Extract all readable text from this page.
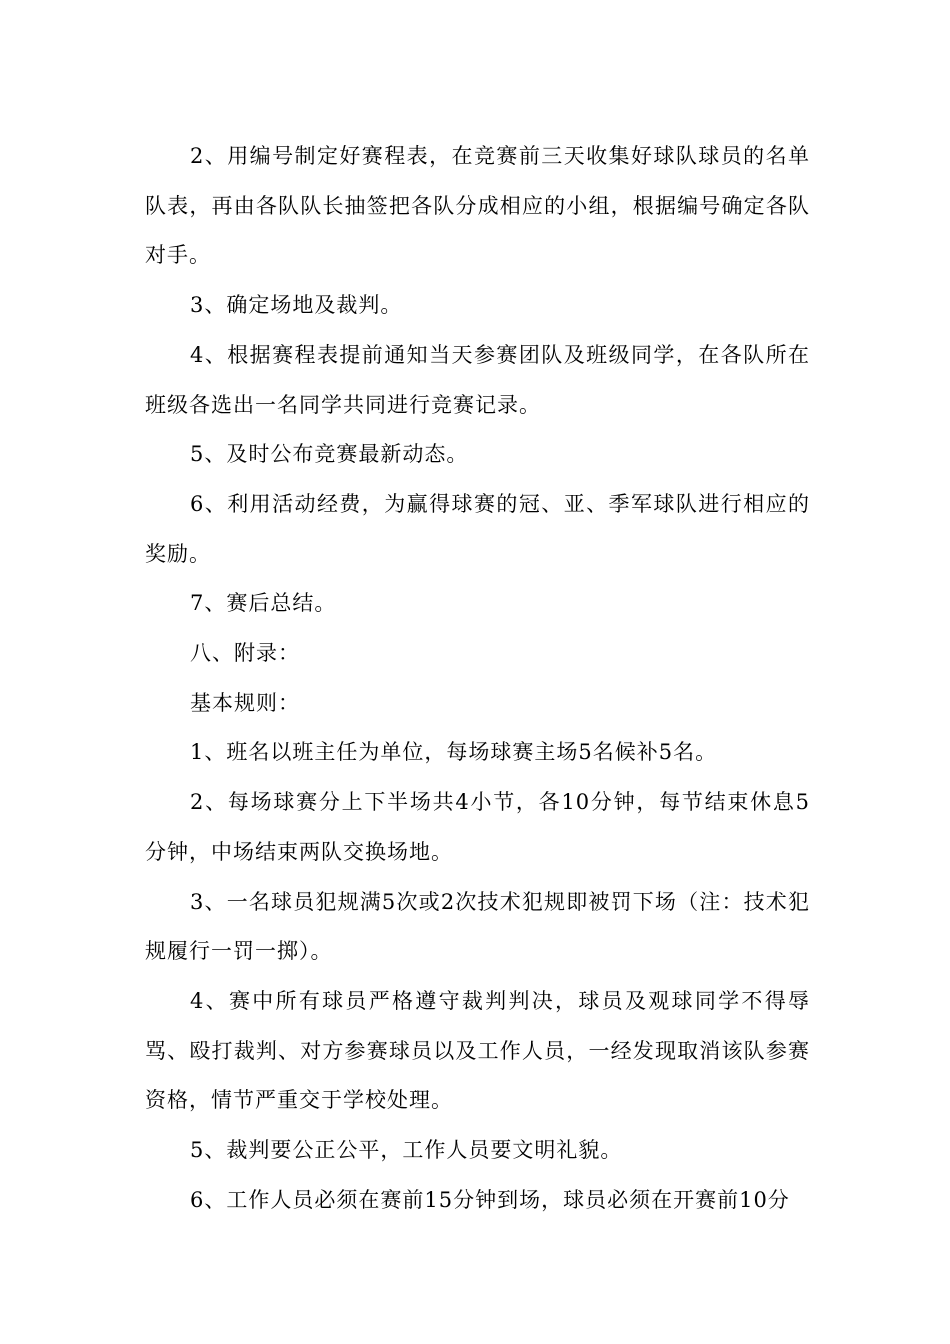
2、用编号制定好赛程表，在竞赛前三天收集好球队球员的名单队表，再由各队队长抽签把各队分成相应的小组，根据编号确定各队对手。

3、确定场地及裁判。

4、根据赛程表提前通知当天参赛团队及班级同学，在各队所在班级各选出一名同学共同进行竞赛记录。

5、及时公布竞赛最新动态。

6、利用活动经费，为赢得球赛的冠、亚、季军球队进行相应的奖励。

7、赛后总结。

八、附录：

基本规则：

1、班名以班主任为单位，每场球赛主场5名候补5名。

2、每场球赛分上下半场共4小节，各10分钟，每节结束休息5分钟，中场结束两队交换场地。

3、一名球员犯规满5次或2次技术犯规即被罚下场（注：技术犯规履行一罚一掷）。

4、赛中所有球员严格遵守裁判判决，球员及观球同学不得辱骂、殴打裁判、对方参赛球员以及工作人员，一经发现取消该队参赛资格，情节严重交于学校处理。

5、裁判要公正公平，工作人员要文明礼貌。

6、工作人员必须在赛前15分钟到场，球员必须在开赛前10分
